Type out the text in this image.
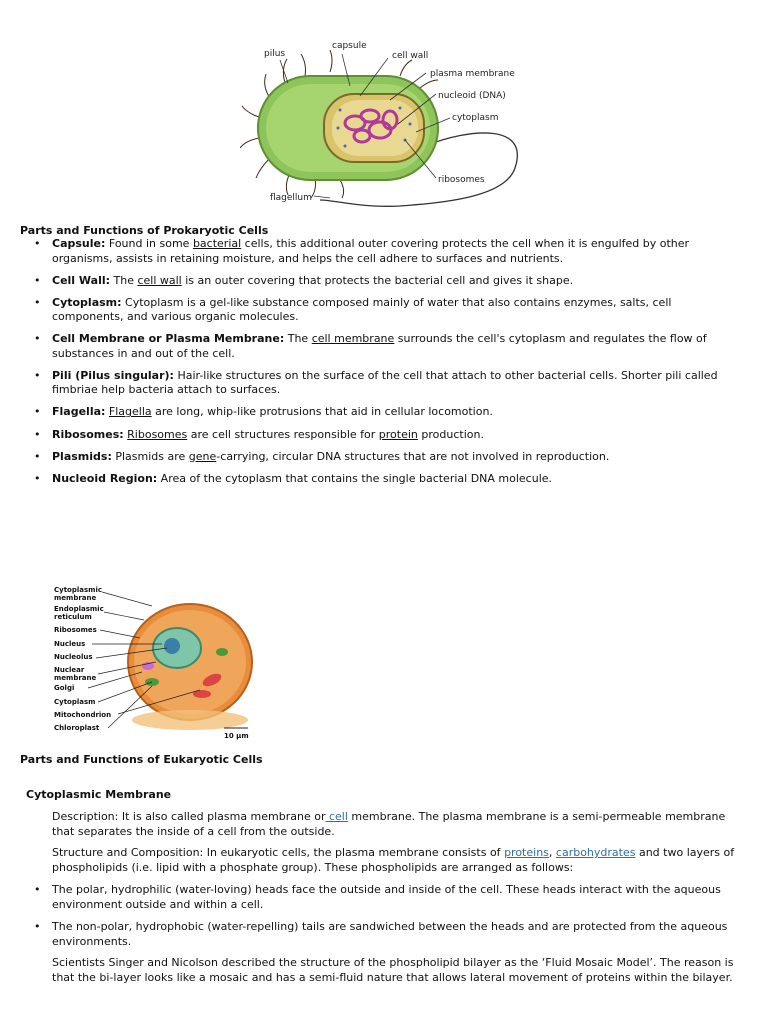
pilus
capsule
cell wall
plasma membrane
nucleoid (DNA)
cytoplasm
ribosomes
flagellum
Parts and Functions of Prokaryotic Cells
• Capsule: Found in some bacterial cells, this additional outer covering protects the cell when it is engulfed by other organisms, assists in retaining moisture, and helps the cell adhere to surfaces and nutrients.
• Cell Wall: The cell wall is an outer covering that protects the bacterial cell and gives it shape.
• Cytoplasm: Cytoplasm is a gel-like substance composed mainly of water that also contains enzymes, salts, cell components, and various organic molecules.
• Cell Membrane or Plasma Membrane: The cell membrane surrounds the cell's cytoplasm and regulates the flow of substances in and out of the cell.
• Pili (Pilus singular): Hair-like structures on the surface of the cell that attach to other bacterial cells. Shorter pili called fimbriae help bacteria attach to surfaces.
• Flagella: Flagella are long, whip-like protrusions that aid in cellular locomotion.
• Ribosomes: Ribosomes are cell structures responsible for protein production.
• Plasmids: Plasmids are gene-carrying, circular DNA structures that are not involved in reproduction.
• Nucleoid Region: Area of the cytoplasm that contains the single bacterial DNA molecule.
Cytoplasmic
membrane
Endoplasmic
reticulum
Ribosomes
Nucleus
Nucleolus
Nuclear
membrane
Golgi
Cytoplasm
Mitochondrion
Chloroplast
10 µm
Parts and Functions of Eukaryotic Cells
Cytoplasmic Membrane

Description: It is also called plasma membrane or cell membrane. The plasma membrane is a semi-permeable membrane that separates the inside of a cell from the outside.

Structure and Composition: In eukaryotic cells, the plasma membrane consists of proteins, carbohydrates and two layers of phospholipids (i.e. lipid with a phosphate group). These phospholipids are arranged as follows:

• The polar, hydrophilic (water-loving) heads face the outside and inside of the cell. These heads interact with the aqueous environment outside and within a cell.
• The non-polar, hydrophobic (water-repelling) tails are sandwiched between the heads and are protected from the aqueous environments.

Scientists Singer and Nicolson described the structure of the phospholipid bilayer as the ‘Fluid Mosaic Model’. The reason is that the bi-layer looks like a mosaic and has a semi-fluid nature that allows lateral movement of proteins within the bilayer.
